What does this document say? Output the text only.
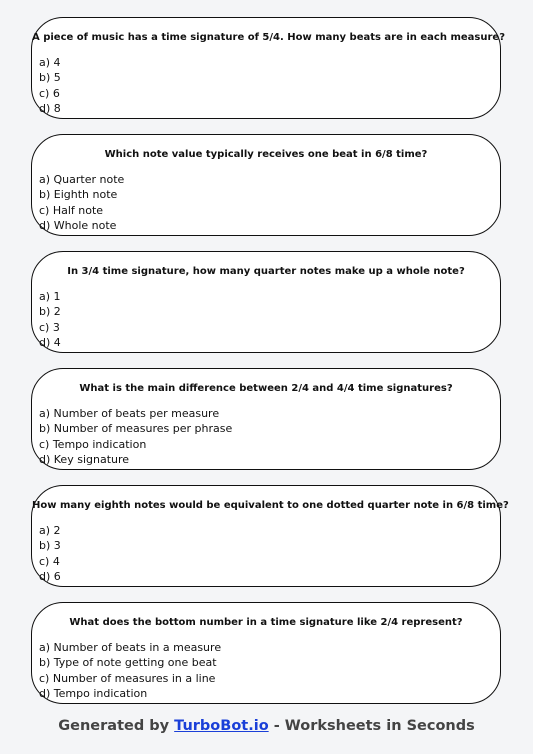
A piece of music has a time signature of 5/4. How many beats are in each measure?
a) 4
b) 5
c) 6
d) 8
Which note value typically receives one beat in 6/8 time?
a) Quarter note
b) Eighth note
c) Half note
d) Whole note
In 3/4 time signature, how many quarter notes make up a whole note?
a) 1
b) 2
c) 3
d) 4
What is the main difference between 2/4 and 4/4 time signatures?
a) Number of beats per measure
b) Number of measures per phrase
c) Tempo indication
d) Key signature
How many eighth notes would be equivalent to one dotted quarter note in 6/8 time?
a) 2
b) 3
c) 4
d) 6
What does the bottom number in a time signature like 2/4 represent?
a) Number of beats in a measure
b) Type of note getting one beat
c) Number of measures in a line
d) Tempo indication
Generated by TurboBot.io - Worksheets in Seconds
